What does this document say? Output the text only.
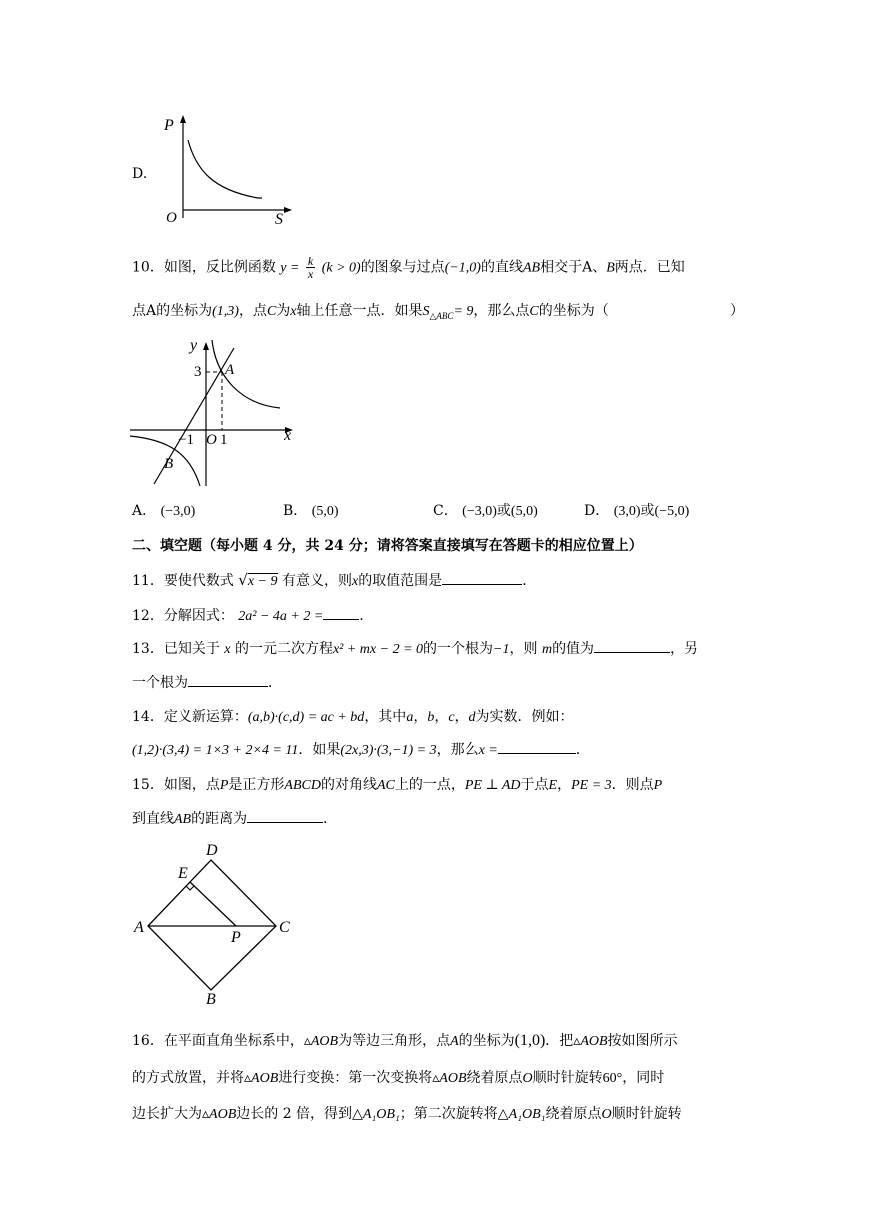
D.
P
S
O
10．如图，反比例函数 $y = \frac{k}{x} (k > 0)$的图象与过点(−1,0)的直线AB相交于A、B两点．已知
点A的坐标为(1,3)，点C为x轴上任意一点．如果$S_{\triangle ABC}= 9$，那么点C的坐标为（	）
y
x
3 A
B
O 1
−1
A． (−3,0)	B． (5,0)	C． (−3,0)或(5,0)	D． (3,0)或(−5,0)
二、填空题（每小题 4 分，共 24 分；请将答案直接填写在答题卡的相应位置上）
11．要使代数式 √x − 9 有意义，则x的取值范围是	．
12．分解因式： 2a² − 4a + 2 =	．
13．已知关于 x 的一元二次方程x² + mx − 2 = 0的一个根为−1，则 m的值为	，另
一个根为	．
14．定义新运算：(a,b)·(c,d) = ac + bd，其中a，b，c，d为实数．例如：
(1,2)·(3,4) = 1×3 + 2×4 = 11．如果(2x,3)·(3,−1) = 3，那么x =	．
15．如图，点P是正方形ABCD的对角线AC上的一点，PE ⊥ AD于点E，PE = 3．则点P
到直线AB的距离为	．
A
B
C
D
E
P
16．在平面直角坐标系中，▵AOB为等边三角形，点A的坐标为(1,0)．把▵AOB按如图所示
的方式放置，并将▵AOB进行变换：第一次变换将▵AOB绕着原点O顺时针旋转60°，同时
边长扩大为▵AOB边长的 2 倍，得到△A₁OB₁；第二次旋转将△A₁OB₁绕着原点O顺时针旋转
